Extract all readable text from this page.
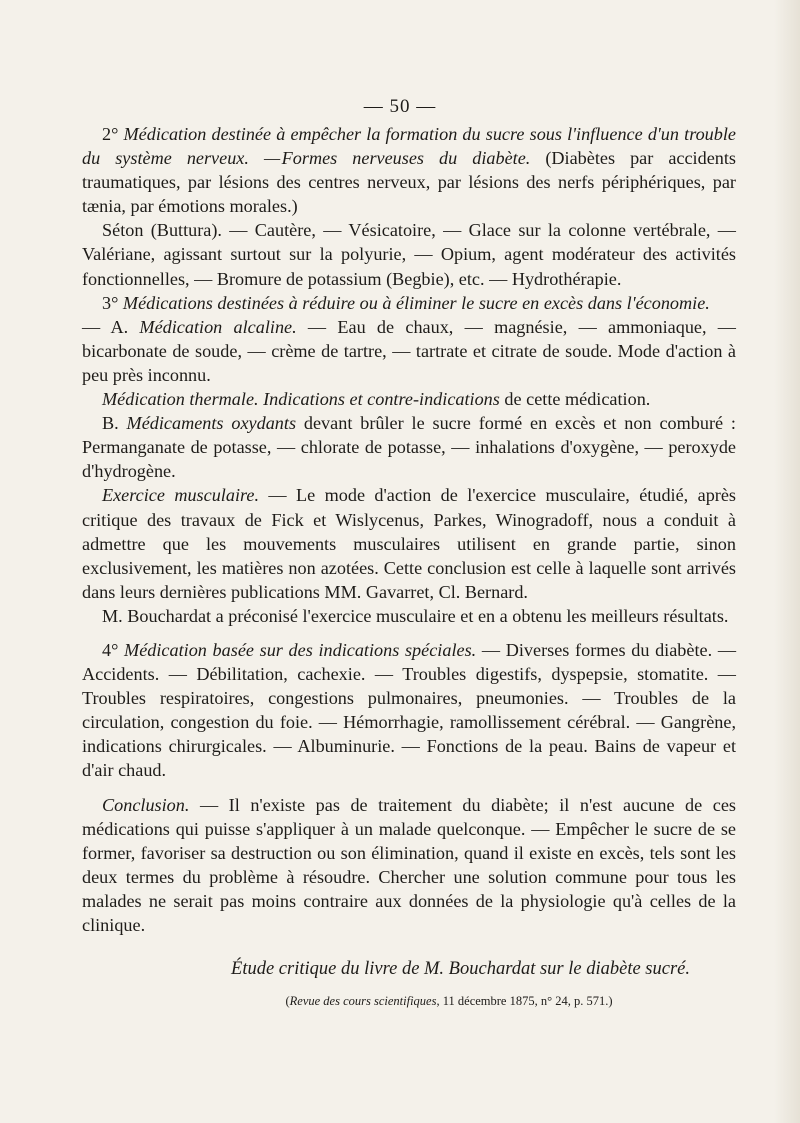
— 50 —

2° Médication destinée à empêcher la formation du sucre sous l'influence d'un trouble du système nerveux. — Formes nerveuses du diabète. (Diabètes par accidents traumatiques, par lésions des centres nerveux, par lésions des nerfs périphériques, par tænia, par émotions morales.)

Séton (Buttura). — Cautère, — Vésicatoire, — Glace sur la colonne vertébrale, — Valériane, agissant surtout sur la polyurie, — Opium, agent modérateur des activités fonctionnelles, — Bromure de potassium (Begbie), etc. — Hydrothérapie.

3° Médications destinées à réduire ou à éliminer le sucre en excès dans l'économie.

— A. Médication alcaline. — Eau de chaux, — magnésie, — ammoniaque, — bicarbonate de soude, — crème de tartre, — tartrate et citrate de soude. Mode d'action à peu près inconnu.

Médication thermale. Indications et contre-indications de cette médication.

B. Médicaments oxydants devant brûler le sucre formé en excès et non comburé : Permanganate de potasse, — chlorate de potasse, — inhalations d'oxygène, — peroxyde d'hydrogène.

Exercice musculaire. — Le mode d'action de l'exercice musculaire, étudié, après critique des travaux de Fick et Wislycenus, Parkes, Winogradoff, nous a conduit à admettre que les mouvements musculaires utilisent en grande partie, sinon exclusivement, les matières non azotées. Cette conclusion est celle à laquelle sont arrivés dans leurs dernières publications MM. Gavarret, Cl. Bernard.

M. Bouchardat a préconisé l'exercice musculaire et en a obtenu les meilleurs résultats.

4° Médication basée sur des indications spéciales. — Diverses formes du diabète. — Accidents. — Débilitation, cachexie. — Troubles digestifs, dyspepsie, stomatite. — Troubles respiratoires, congestions pulmonaires, pneumonies. — Troubles de la circulation, congestion du foie. — Hémorrhagie, ramollissement cérébral. — Gangrène, indications chirurgicales. — Albuminurie. — Fonctions de la peau. Bains de vapeur et d'air chaud.

Conclusion. — Il n'existe pas de traitement du diabète; il n'est aucune de ces médications qui puisse s'appliquer à un malade quelconque. — Empêcher le sucre de se former, favoriser sa destruction ou son élimination, quand il existe en excès, tels sont les deux termes du problème à résoudre. Chercher une solution commune pour tous les malades ne serait pas moins contraire aux données de la physiologie qu'à celles de la clinique.

Étude critique du livre de M. Bouchardat sur le diabète sucré.

(Revue des cours scientifiques, 11 décembre 1875, n° 24, p. 571.)
